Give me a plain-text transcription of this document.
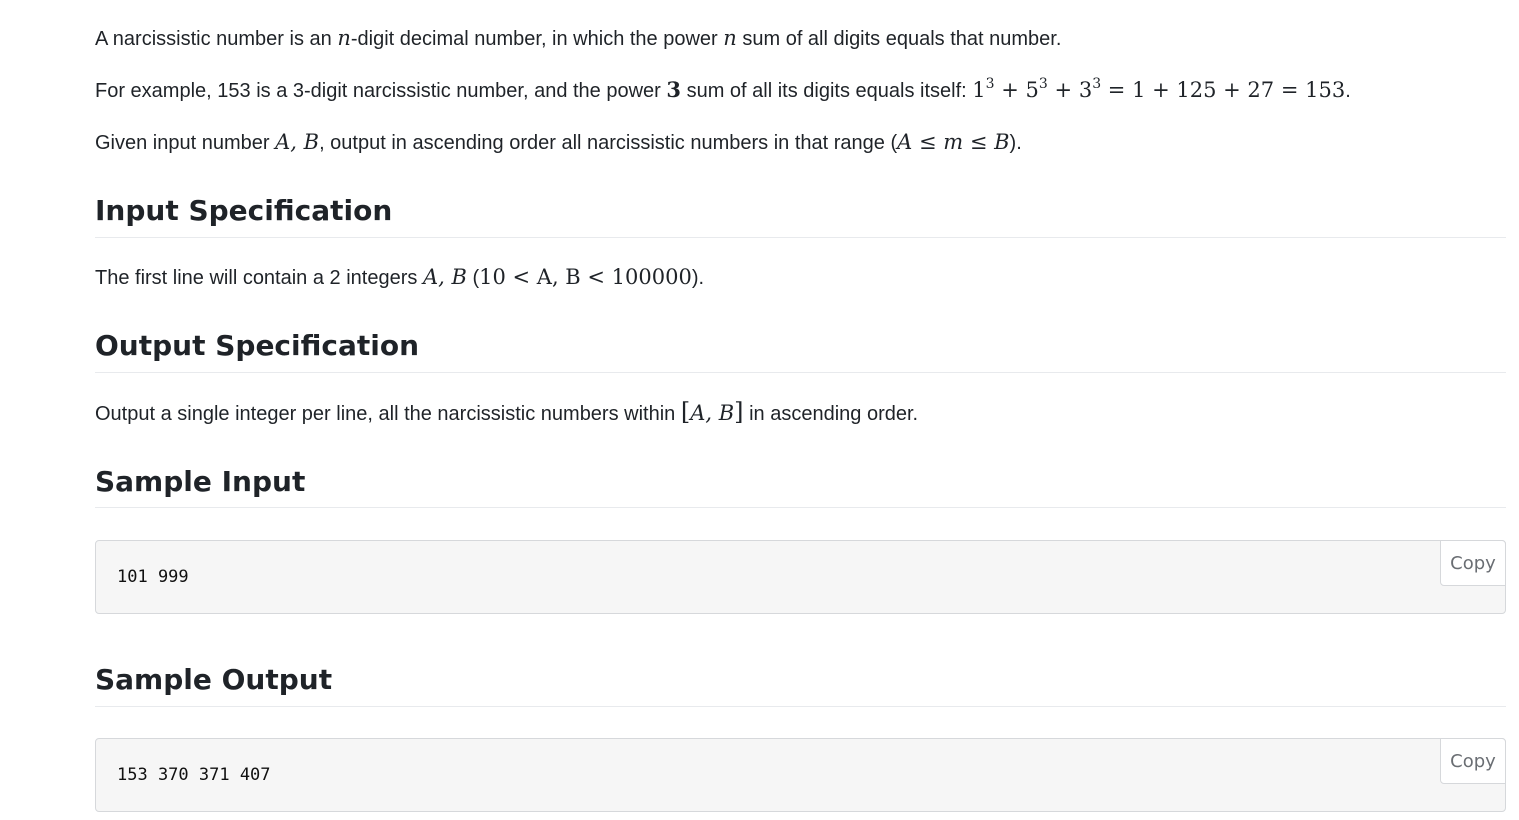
A narcissistic number is an n-digit decimal number, in which the power n sum of all digits equals that number.

For example, 153 is a 3-digit narcissistic number, and the power 3 sum of all its digits equals itself: $1^3 + 5^3 + 3^3 = 1 + 125 + 27 = 153$.

Given input number A, B, output in ascending order all narcissistic numbers in that range (A ≤ m ≤ B).

Input Specification

The first line will contain a 2 integers A, B (10 < A, B < 100000).

Output Specification

Output a single integer per line, all the narcissistic numbers within [A, B] in ascending order.

Sample Input
101 999
Copy
Sample Output
153 370 371 407
Copy
